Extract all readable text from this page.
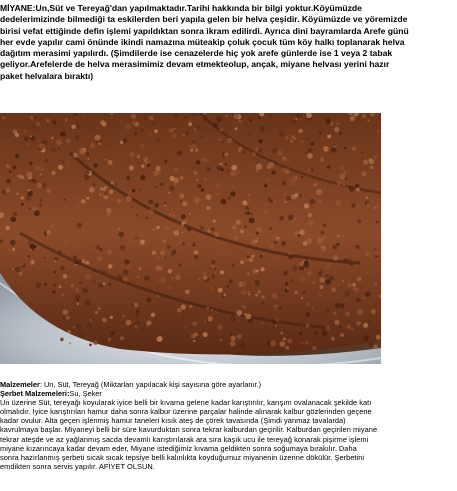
MİYANE:Un,Süt ve Tereyağ'dan yapılmaktadır.Tarihi hakkında bir bilgi yoktur.Köyümüzde
dedelerimizinde bilmediği ta eskilerden beri yapıla gelen bir helva çeşidir. Köyümüzde ve yöremizde
birisi vefat ettiğinde defin işlemi yapıldıktan sonra ikram edilirdi. Ayrıca dini bayramlarda Arefe günü
her evde yapılır cami önünde ikindi namazına müteakip çoluk çocuk tüm köy halkı toplanarak helva
dağıtım merasimi yapılırdı. (Şimdilerde ise cenazelerde hiç yok arefe günlerde ise 1 veya 2 tabak
geliyor.Arefelerde de helva merasimimiz devam etmekteolup, ançak, miyane helvası yerini hazır
paket helvalara bıraktı)
Malzemeler: Un, Süt, Tereyağ (Miktarları yapılacak kişi sayısına göre ayarlanır.)
Şerbet Malzemeleri:Su, Şeker
Un üzerine Süt, tereyağı koyularak iyice belli bir kıvama gelene kadar karıştırılır, karışım ovalanacak şekilde katı
olmalıdır. İyice karıştırılan hamur daha sonra kalbur üzerine parçalar halinde alınarak kalbur gözlerinden geçene
kadar ovulur. Alta geçen işlenmiş hamur taneleri kısık ateş de çörek tavasında (Şimdi yanmaz tavalarda)
kavrulmaya başlar. Miyaneyi belli bir süre kavurduktan sonra tekrar kalburdan geçirilir. Kalburdan geçirilen miyane
tekrar ateşde ve az yağlanmış sacda devamlı karıştırılarak ara sıra kaşık ucu ile tereyağ konarak pişirme işlemi
miyane kızarıncaya kadar devam eder, Miyane istediğimiz kıvama geldikten sonra soğumaya bırakılır. Daha
sonra hazırlanmış şerbeti sıcak sıcak tepsiye belli kalınlıkta koyduğumuz miyanenin üzerine dökülür. Şerbetini
emdikten sonra servis yapılır. AFİYET OLSUN.
